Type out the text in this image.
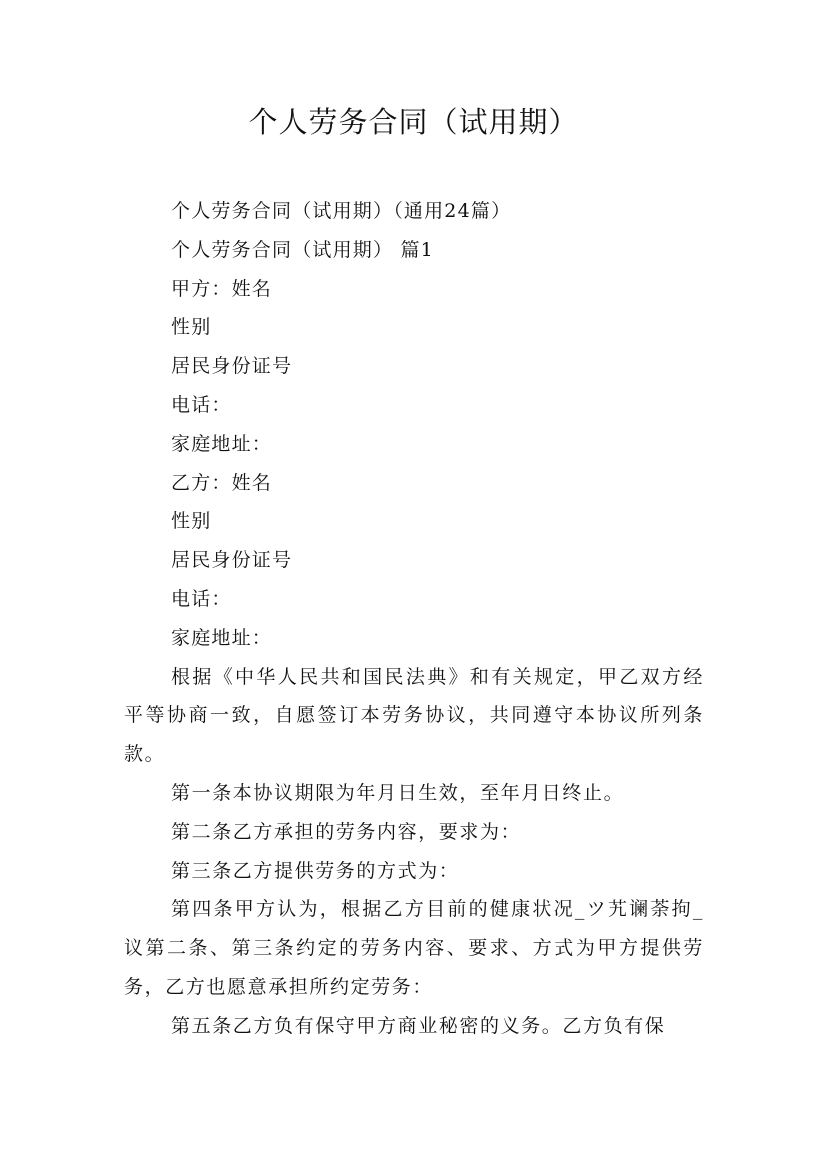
个人劳务合同（试用期）

个人劳务合同（试用期）（通用24篇）

个人劳务合同（试用期） 篇1

甲方：姓名

性别

居民身份证号

电话：

家庭地址：

乙方：姓名

性别

居民身份证号

电话：

家庭地址：

根据《中华人民共和国民法典》和有关规定，甲乙双方经平等协商一致，自愿签订本劳务协议，共同遵守本协议所列条款。

第一条本协议期限为年月日生效，至年月日终止。

第二条乙方承担的劳务内容，要求为：

第三条乙方提供劳务的方式为：

第四条甲方认为，根据乙方目前的健康状况_ツ艽谰荼拘_议第二条、第三条约定的劳务内容、要求、方式为甲方提供劳务，乙方也愿意承担所约定劳务：

第五条乙方负有保守甲方商业秘密的义务。乙方负有保
